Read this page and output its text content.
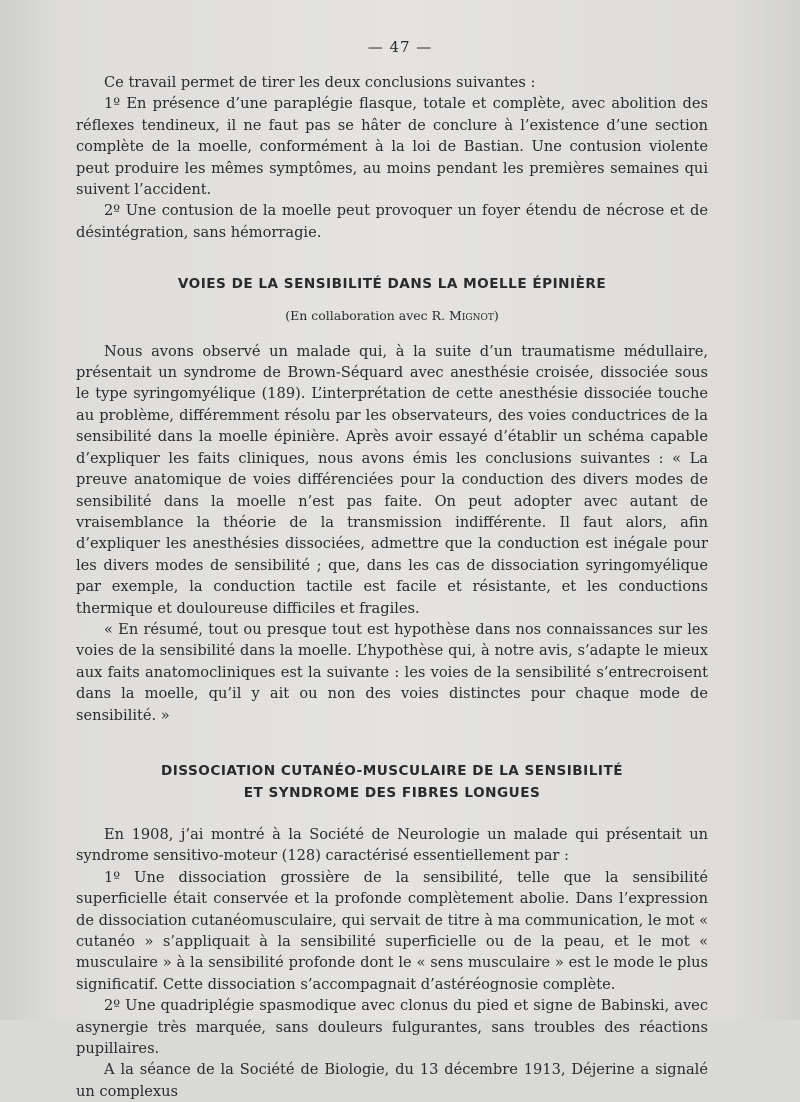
— 47 —

Ce travail permet de tirer les deux conclusions suivantes :

1º En présence d’une paraplégie flasque, totale et complète, avec abolition des réflexes tendineux, il ne faut pas se hâter de conclure à l’existence d’une section complète de la moelle, conformément à la loi de Bastian. Une contusion violente peut produire les mêmes symptômes, au moins pendant les premières semaines qui suivent l’accident.

2º Une contusion de la moelle peut provoquer un foyer étendu de nécrose et de désintégration, sans hémorragie.

VOIES DE LA SENSIBILITÉ DANS LA MOELLE ÉPINIÈRE

(En collaboration avec R. Mignot)

Nous avons observé un malade qui, à la suite d’un traumatisme médullaire, présentait un syndrome de Brown-Séquard avec anesthésie croisée, dissociée sous le type syringomyélique (189). L’interprétation de cette anesthésie dissociée touche au problème, différemment résolu par les observateurs, des voies conductrices de la sensibilité dans la moelle épinière. Après avoir essayé d’établir un schéma capable d’expliquer les faits cliniques, nous avons émis les conclusions suivantes : « La preuve anatomique de voies différenciées pour la conduction des divers modes de sensibilité dans la moelle n’est pas faite. On peut adopter avec autant de vraisemblance la théorie de la transmission indifférente. Il faut alors, afin d’expliquer les anesthésies dissociées, admettre que la conduction est inégale pour les divers modes de sensibilité ; que, dans les cas de dissociation syringomyélique par exemple, la conduction tactile est facile et résistante, et les conductions thermique et douloureuse difficiles et fragiles.

« En résumé, tout ou presque tout est hypothèse dans nos connaissances sur les voies de la sensibilité dans la moelle. L’hypothèse qui, à notre avis, s’adapte le mieux aux faits anatomocliniques est la suivante : les voies de la sensibilité s’entrecroisent dans la moelle, qu’il y ait ou non des voies distinctes pour chaque mode de sensibilité. »

DISSOCIATION CUTANÉO-MUSCULAIRE DE LA SENSIBILITÉ
ET SYNDROME DES FIBRES LONGUES

En 1908, j’ai montré à la Société de Neurologie un malade qui présentait un syndrome sensitivo-moteur (128) caractérisé essentiellement par :

1º Une dissociation grossière de la sensibilité, telle que la sensibilité superficielle était conservée et la profonde complètement abolie. Dans l’expression de dissociation cutanéomusculaire, qui servait de titre à ma communication, le mot « cutanéo » s’appliquait à la sensibilité superficielle ou de la peau, et le mot « musculaire » à la sensibilité profonde dont le « sens musculaire » est le mode le plus significatif. Cette dissociation s’accompagnait d’astéréognosie complète.

2º Une quadriplégie spasmodique avec clonus du pied et signe de Babinski, avec asynergie très marquée, sans douleurs fulgurantes, sans troubles des réactions pupillaires.

A la séance de la Société de Biologie, du 13 décembre 1913, Déjerine a signalé un complexus
